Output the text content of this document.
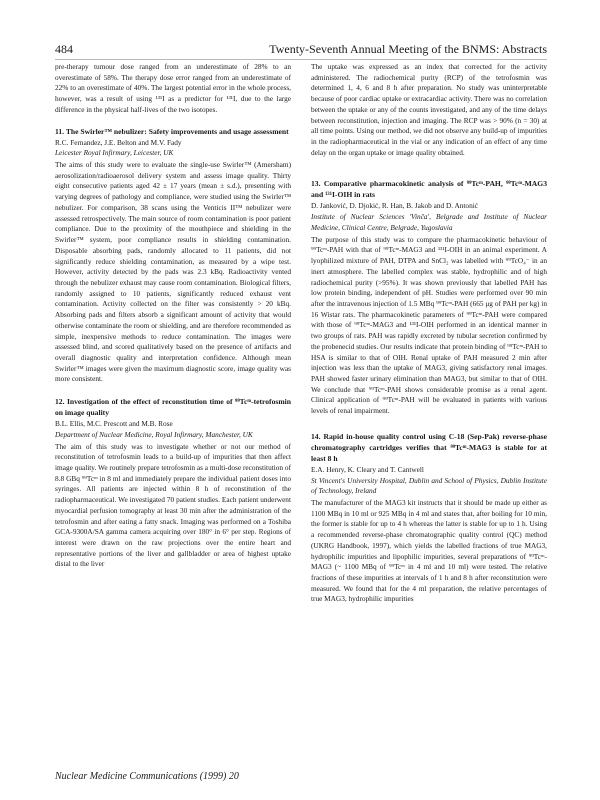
484	Twenty-Seventh Annual Meeting of the BNMS: Abstracts

pre-therapy tumour dose ranged from an underestimate of 28% to an overestimate of 58%. The therapy dose error ranged from an underestimate of 22% to an overestimate of 40%. The largest potential error in the whole process, however, was a result of using ¹³¹I as a predictor for ¹³¹I, due to the large difference in the physical half-lives of the two isotopes.

11. The Swirler™ nebulizer: Safety improvements and usage assessment

R.C. Fernandez, J.E. Belton and M.V. Fady

Leicester Royal Infirmary, Leicester, UK

The aims of this study were to evaluate the single-use Swirler™ (Amersham) aerosolization/radioaerosol delivery system and assess image quality. Thirty eight consecutive patients aged 42 ± 17 years (mean ± s.d.), presenting with varying degrees of pathology and compliance, were studied using the Swirler™ nebulizer. For comparison, 38 scans using the Venticis II™ nebulizer were assessed retrospectively. The main source of room contamination is poor patient compliance. Due to the proximity of the mouthpiece and shielding in the Swirler™ system, poor compliance results in shielding contamination. Disposable absorbing pads, randomly allocated to 11 patients, did not significantly reduce shielding contamination, as measured by a wipe test. However, activity detected by the pads was 2.3 kBq. Radioactivity vented through the nebulizer exhaust may cause room contamination. Biological filters, randomly assigned to 10 patients, significantly reduced exhaust vent contamination. Activity collected on the filter was consistently > 20 kBq. Absorbing pads and filters absorb a significant amount of activity that would otherwise contaminate the room or shielding, and are therefore recommended as simple, inexpensive methods to reduce contamination. The images were assessed blind, and scored qualitatively based on the presence of artifacts and overall diagnostic quality and interpretation confidence. Although mean Swirler™ images were given the maximum diagnostic score, image quality was more consistent.

12. Investigation of the effect of reconstitution time of ⁹⁹Tcᵐ-tetrofosmin on image quality

B.L. Ellis, M.C. Prescott and M.B. Rose

Department of Nuclear Medicine, Royal Infirmary, Manchester, UK

The aim of this study was to investigate whether or not our method of reconstitution of tetrofosmin leads to a build-up of impurities that then affect image quality. We routinely prepare tetrofosmin as a multi-dose reconstitution of 8.8 GBq ⁹⁹Tcᵐ in 8 ml and immediately prepare the individual patient doses into syringes. All patients are injected within 8 h of reconstitution of the radiopharmaceutical. We investigated 70 patient studies. Each patient underwent myocardial perfusion tomography at least 30 min after the administration of the tetrofosmin and after eating a fatty snack. Imaging was performed on a Toshiba GCA-9300A/SA gamma camera acquiring over 180° in 6° per step. Regions of interest were drawn on the raw projections over the entire heart and representative portions of the liver and gallbladder or area of highest uptake distal to the liver

The uptake was expressed as an index that corrected for the activity administered. The radiochemical purity (RCP) of the tetrofosmin was determined 1, 4, 6 and 8 h after preparation. No study was uninterpretable because of poor cardiac uptake or extracardiac activity. There was no correlation between the uptake or any of the counts investigated, and any of the time delays between reconstitution, injection and imaging. The RCP was > 90% (n = 30) at all time points. Using our method, we did not observe any build-up of impurities in the radiopharmaceutical in the vial or any indication of an effect of any time delay on the organ uptake or image quality obtained.

13. Comparative pharmacokinetic analysis of ⁹⁹Tcᵐ-PAH, ⁹⁹Tcᵐ-MAG3 and ¹³¹I-OIH in rats

D. Janković, D. Djokić, R. Han, B. Jakob and D. Antonić

Institute of Nuclear Sciences 'Vinča', Belgrade and Institute of Nuclear Medicine, Clinical Centre, Belgrade, Yugoslavia

The purpose of this study was to compare the pharmacokinetic behaviour of ⁹⁹Tcᵐ-PAH with that of ⁹⁹Tcᵐ-MAG3 and ¹³¹I-OIH in an animal experiment. A lyophilized mixture of PAH, DTPA and SnCl₂ was labelled with ⁹⁹TcO₄⁻ in an inert atmosphere. The labelled complex was stable, hydrophilic and of high radiochemical purity (>95%). It was shown previously that labelled PAH has low protein binding, independent of pH. Studies were performed over 90 min after the intravenous injection of 1.5 MBq ⁹⁹Tcᵐ-PAH (665 μg of PAH per kg) in 16 Wistar rats. The pharmacokinetic parameters of ⁹⁹Tcᵐ-PAH were compared with those of ⁹⁹Tcᵐ-MAG3 and ¹³¹I-OIH performed in an identical manner in two groups of rats. PAH was rapidly excreted by tubular secretion confirmed by the probenecid studies. Our results indicate that protein binding of ⁹⁹Tcᵐ-PAH to HSA is similar to that of OIH. Renal uptake of PAH measured 2 min after injection was less than the uptake of MAG3, giving satisfactory renal images. PAH showed faster urinary elimination than MAG3, but similar to that of OIH. We conclude that ⁹⁹Tcᵐ-PAH shows considerable promise as a renal agent. Clinical application of ⁹⁹Tcᵐ-PAH will be evaluated in patients with various levels of renal impairment.

14. Rapid in-house quality control using C-18 (Sep-Pak) reverse-phase chromatography cartridges verifies that ⁹⁹Tcᵐ-MAG3 is stable for at least 8 h

E.A. Henry, K. Cleary and T. Cantwell

St Vincent's University Hospital, Dublin and School of Physics, Dublin Institute of Technology, Ireland

The manufacturer of the MAG3 kit instructs that it should be made up either as 1100 MBq in 10 ml or 925 MBq in 4 ml and states that, after boiling for 10 min, the former is stable for up to 4 h whereas the latter is stable for up to 1 h. Using a recommended reverse-phase chromatographic quality control (QC) method (UKRG Handbook, 1997), which yields the labelled fractions of true MAG3, hydrophilic impurities and lipophilic impurities, several preparations of ⁹⁹Tcᵐ-MAG3 (~ 1100 MBq of ⁹⁹Tcᵐ in 4 ml and 10 ml) were tested. The relative fractions of these impurities at intervals of 1 h and 8 h after reconstitution were measured. We found that for the 4 ml preparation, the relative percentages of true MAG3, hydrophilic impurities

Nuclear Medicine Communications (1999) 20
